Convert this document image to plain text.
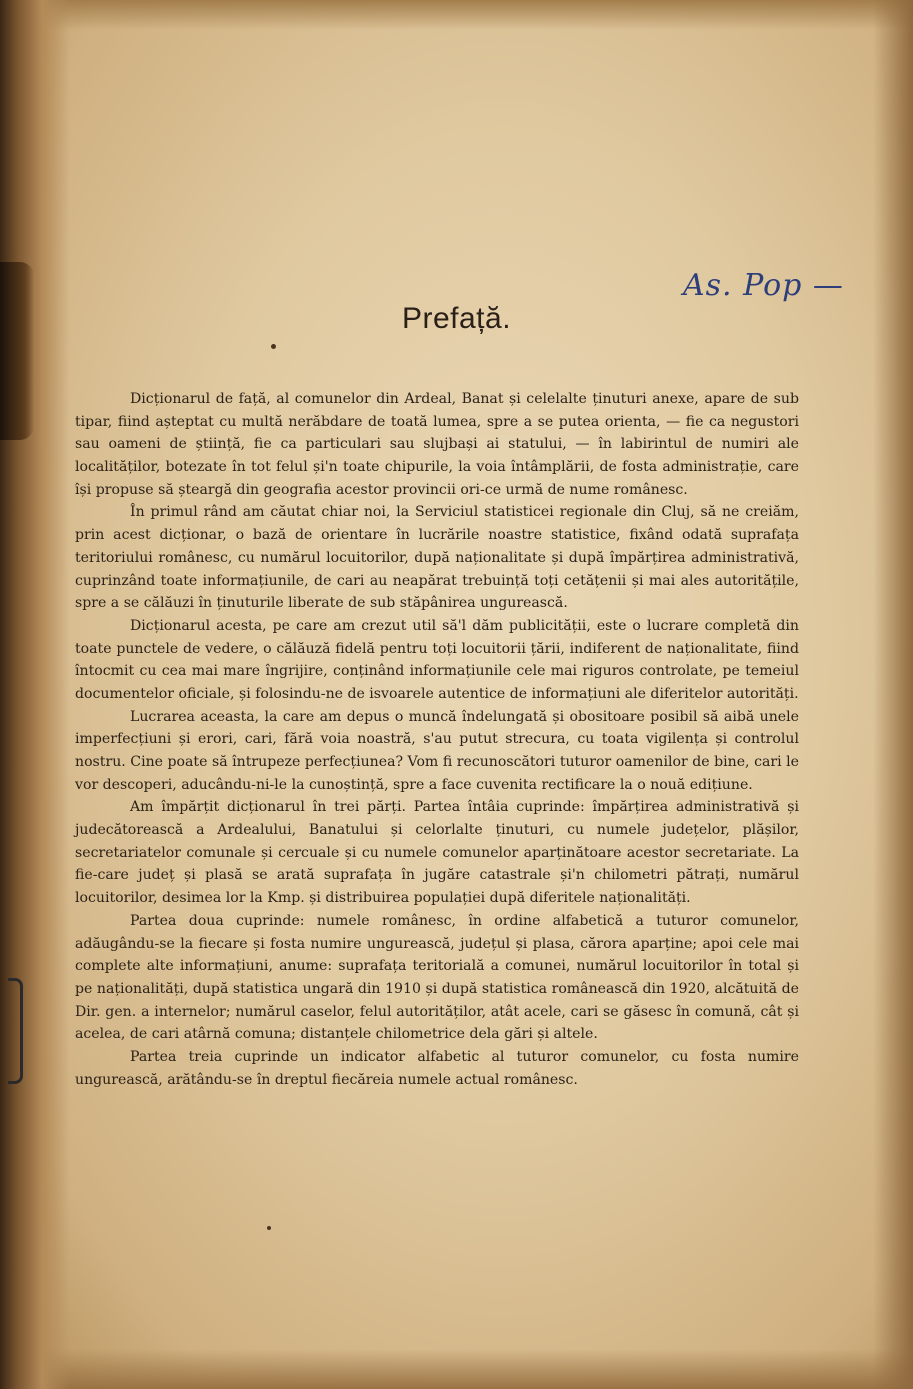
As. Pop —
Prefață.

Dicționarul de față, al comunelor din Ardeal, Banat și celelalte ținuturi anexe, apare de sub tipar, fiind așteptat cu multă nerăbdare de toată lumea, spre a se putea orienta, — fie ca negustori sau oameni de știință, fie ca particulari sau slujbași ai statului, — în labirintul de numiri ale localităților, botezate în tot felul și'n toate chipurile, la voia întâmplării, de fosta administrație, care își propuse să șteargă din geografia acestor provincii ori-ce urmă de nume românesc.

În primul rând am căutat chiar noi, la Serviciul statisticei regionale din Cluj, să ne creiăm, prin acest dicționar, o bază de orientare în lucrările noastre statistice, fixând odată suprafața teritoriului românesc, cu numărul locuitorilor, după naționalitate și după împărțirea administrativă, cuprinzând toate informațiunile, de cari au neapărat trebuință toți cetățenii și mai ales autoritățile, spre a se călăuzi în ținuturile liberate de sub stăpânirea ungurească.

Dicționarul acesta, pe care am crezut util să'l dăm publicității, este o lucrare completă din toate punctele de vedere, o călăuză fidelă pentru toți locuitorii țării, indiferent de naționalitate, fiind întocmit cu cea mai mare îngrijire, conținând informațiunile cele mai riguros controlate, pe temeiul documentelor oficiale, și folosindu-ne de isvoarele autentice de informațiuni ale diferitelor autorități.

Lucrarea aceasta, la care am depus o muncă îndelungată și obositoare posibil să aibă unele imperfecțiuni și erori, cari, fără voia noastră, s'au putut strecura, cu toata vigilența și controlul nostru. Cine poate să întrupeze perfecțiunea? Vom fi recunoscători tuturor oamenilor de bine, cari le vor descoperi, aducându-ni-le la cunoștință, spre a face cuvenita rectificare la o nouă edițiune.

Am împărțit dicționarul în trei părți. Partea întâia cuprinde: împărțirea administrativă și judecătorească a Ardealului, Banatului și celorlalte ținuturi, cu numele județelor, plășilor, secretariatelor comunale și cercuale și cu numele comunelor aparținătoare acestor secretariate. La fie-care județ și plasă se arată suprafața în jugăre catastrale și'n chilometri pătrați, numărul locuitorilor, desimea lor la Kmp. și distribuirea populației după diferitele naționalități.

Partea doua cuprinde: numele românesc, în ordine alfabetică a tuturor comunelor, adăugându-se la fiecare și fosta numire ungurească, județul și plasa, cărora aparține; apoi cele mai complete alte informațiuni, anume: suprafața teritorială a comunei, numărul locuitorilor în total și pe naționalități, după statistica ungară din 1910 și după statistica românească din 1920, alcătuită de Dir. gen. a internelor; numărul caselor, felul autorităților, atât acele, cari se găsesc în comună, cât și acelea, de cari atârnă comuna; distanțele chilometrice dela gări și altele.

Partea treia cuprinde un indicator alfabetic al tuturor comunelor, cu fosta numire ungurească, arătându-se în dreptul fiecăreia numele actual românesc.
